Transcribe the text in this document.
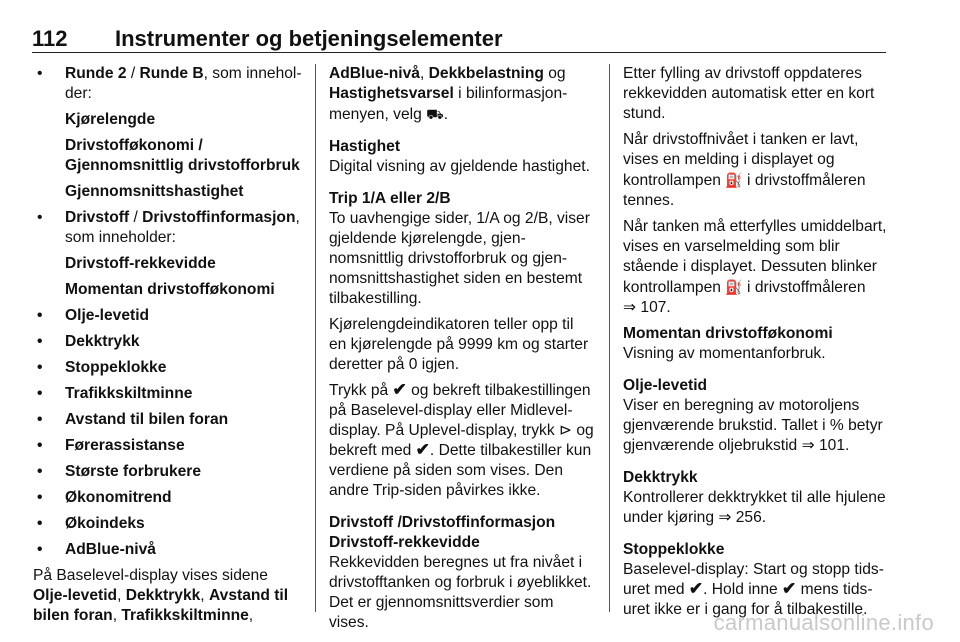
112 Instrumenter og betjeningselementer
• Runde 2 / Runde B, som inneholder:
Kjørelengde
Drivstofføkonomi /
Gjennomsnittlig drivstofforbruk
Gjennomsnittshastighet
• Drivstoff / Drivstoffinformasjon, som inneholder:
Drivstoff-rekkevidde
Momentan drivstofføkonomi
• Olje-levetid
• Dekktrykk
• Stoppeklokke
• Trafikkskiltminne
• Avstand til bilen foran
• Førerassistanse
• Største forbrukere
• Økonomitrend
• Økoindeks
• AdBlue-nivå
På Baselevel-display vises sidene Olje-levetid, Dekktrykk, Avstand til bilen foran, Trafikkskiltminne,
AdBlue-nivå, Dekkbelastning og Hastighetsvarsel i bilinformasjonmenyen, velg ⛟.
Hastighet
Digital visning av gjeldende hastighet.
Trip 1/A eller 2/B
To uavhengige sider, 1/A og 2/B, viser gjeldende kjørelengde, gjennomsnittlig drivstofforbruk og gjennomsnittshastighet siden en bestemt tilbakestilling.
Kjørelengdeindikatoren teller opp til en kjørelengde på 9999 km og starter deretter på 0 igjen.
Trykk på ✔ og bekreft tilbakestillingen på Baselevel-display eller Midlevel-display. På Uplevel-display, trykk ⊳ og bekreft med ✔. Dette tilbakestiller kun verdiene på siden som vises. Den andre Trip-siden påvirkes ikke.
Drivstoff /Drivstoffinformasjon
Drivstoff-rekkevidde
Rekkevidden beregnes ut fra nivået i drivstofftanken og forbruk i øyeblikket. Det er gjennomsnittsverdier som vises.
Etter fylling av drivstoff oppdateres rekkevidden automatisk etter en kort stund.
Når drivstoffnivået i tanken er lavt, vises en melding i displayet og kontrollampen ⛽ i drivstoffmåleren tennes.
Når tanken må etterfylles umiddelbart, vises en varselmelding som blir stående i displayet. Dessuten blinker kontrollampen ⛽ i drivstoffmåleren
⇒ 107.
Momentan drivstofføkonomi
Visning av momentanforbruk.
Olje-levetid
Viser en beregning av motoroljens gjenværende brukstid. Tallet i % betyr gjenværende oljebrukstid ⇒ 101.
Dekktrykk
Kontrollerer dekktrykket til alle hjulene under kjøring ⇒ 256.
Stoppeklokke
Baselevel-display: Start og stopp tidsuret med ✔. Hold inne ✔ mens tidsuret ikke er i gang for å tilbakestille.
carmanualsonline.info
